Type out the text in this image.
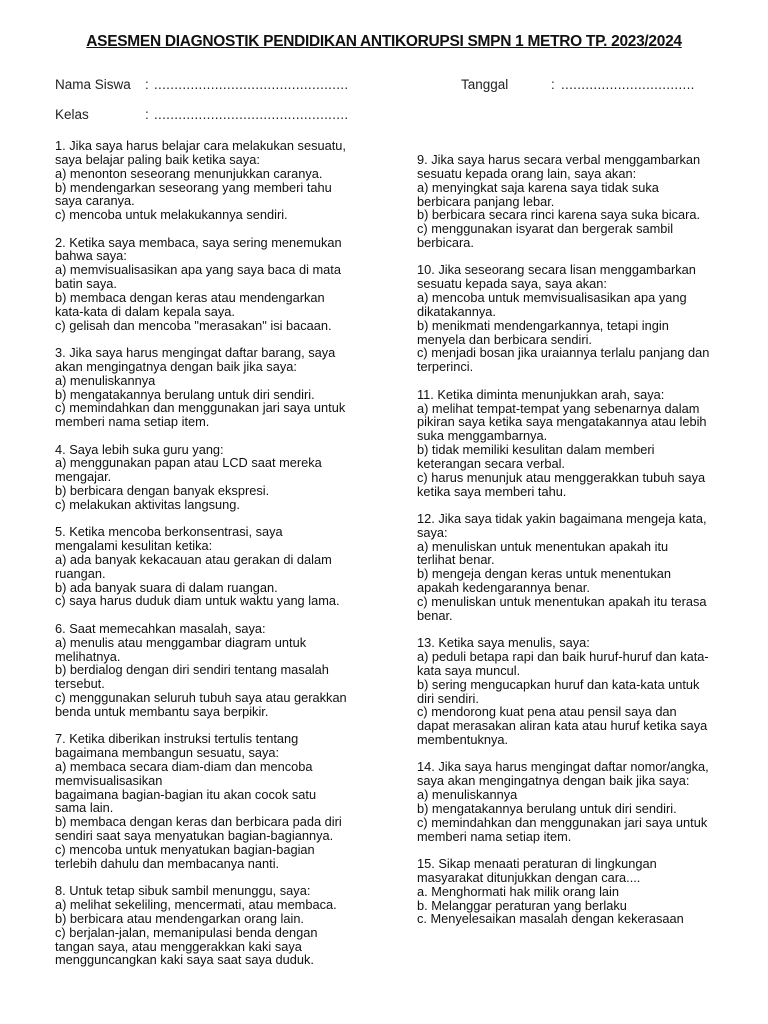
ASESMEN DIAGNOSTIK PENDIDIKAN ANTIKORUPSI SMPN 1 METRO TP. 2023/2024
Nama Siswa : ................................................	Tanggal	: .................................
Kelas	: ................................................
1. Jika saya harus belajar cara melakukan sesuatu,
saya belajar paling baik ketika saya:
a) menonton seseorang menunjukkan caranya.
b) mendengarkan seseorang yang memberi tahu
saya caranya.
c) mencoba untuk melakukannya sendiri.
2. Ketika saya membaca, saya sering menemukan
bahwa saya:
a) memvisualisasikan apa yang saya baca di mata
batin saya.
b) membaca dengan keras atau mendengarkan
kata-kata di dalam kepala saya.
c) gelisah dan mencoba "merasakan" isi bacaan.
3. Jika saya harus mengingat daftar barang, saya
akan mengingatnya dengan baik jika saya:
a) menuliskannya
b) mengatakannya berulang untuk diri sendiri.
c) memindahkan dan menggunakan jari saya untuk
memberi nama setiap item.
4. Saya lebih suka guru yang:
a) menggunakan papan atau LCD saat mereka
mengajar.
b) berbicara dengan banyak ekspresi.
c) melakukan aktivitas langsung.
5. Ketika mencoba berkonsentrasi, saya
mengalami kesulitan ketika:
a) ada banyak kekacauan atau gerakan di dalam
ruangan.
b) ada banyak suara di dalam ruangan.
c) saya harus duduk diam untuk waktu yang lama.
6. Saat memecahkan masalah, saya:
a) menulis atau menggambar diagram untuk
melihatnya.
b) berdialog dengan diri sendiri tentang masalah
tersebut.
c) menggunakan seluruh tubuh saya atau gerakkan
benda untuk membantu saya berpikir.
7. Ketika diberikan instruksi tertulis tentang
bagaimana membangun sesuatu, saya:
a) membaca secara diam-diam dan mencoba
memvisualisasikan
bagaimana bagian-bagian itu akan cocok satu
sama lain.
b) membaca dengan keras dan berbicara pada diri
sendiri saat saya menyatukan bagian-bagiannya.
c) mencoba untuk menyatukan bagian-bagian
terlebih dahulu dan membacanya nanti.
8. Untuk tetap sibuk sambil menunggu, saya:
a) melihat sekeliling, mencermati, atau membaca.
b) berbicara atau mendengarkan orang lain.
c) berjalan-jalan, memanipulasi benda dengan
tangan saya, atau menggerakkan kaki saya
mengguncangkan kaki saya saat saya duduk.
9. Jika saya harus secara verbal menggambarkan
sesuatu kepada orang lain, saya akan:
a) menyingkat saja karena saya tidak suka
berbicara panjang lebar.
b) berbicara secara rinci karena saya suka bicara.
c) menggunakan isyarat dan bergerak sambil
berbicara.
10. Jika seseorang secara lisan menggambarkan
sesuatu kepada saya, saya akan:
a) mencoba untuk memvisualisasikan apa yang
dikatakannya.
b) menikmati mendengarkannya, tetapi ingin
menyela dan berbicara sendiri.
c) menjadi bosan jika uraiannya terlalu panjang dan
terperinci.
11. Ketika diminta menunjukkan arah, saya:
a) melihat tempat-tempat yang sebenarnya dalam
pikiran saya ketika saya mengatakannya atau lebih
suka menggambarnya.
b) tidak memiliki kesulitan dalam memberi
keterangan secara verbal.
c) harus menunjuk atau menggerakkan tubuh saya
ketika saya memberi tahu.
12. Jika saya tidak yakin bagaimana mengeja kata,
saya:
a) menuliskan untuk menentukan apakah itu
terlihat benar.
b) mengeja dengan keras untuk menentukan
apakah kedengarannya benar.
c) menuliskan untuk menentukan apakah itu terasa
benar.
13. Ketika saya menulis, saya:
a) peduli betapa rapi dan baik huruf-huruf dan kata-
kata saya muncul.
b) sering mengucapkan huruf dan kata-kata untuk
diri sendiri.
c) mendorong kuat pena atau pensil saya dan
dapat merasakan aliran kata atau huruf ketika saya
membentuknya.
14. Jika saya harus mengingat daftar nomor/angka,
saya akan mengingatnya dengan baik jika saya:
a) menuliskannya
b) mengatakannya berulang untuk diri sendiri.
c) memindahkan dan menggunakan jari saya untuk
memberi nama setiap item.
15. Sikap menaati peraturan di lingkungan
masyarakat ditunjukkan dengan cara....
a. Menghormati hak milik orang lain
b. Melanggar peraturan yang berlaku
c. Menyelesaikan masalah dengan kekerasaan
